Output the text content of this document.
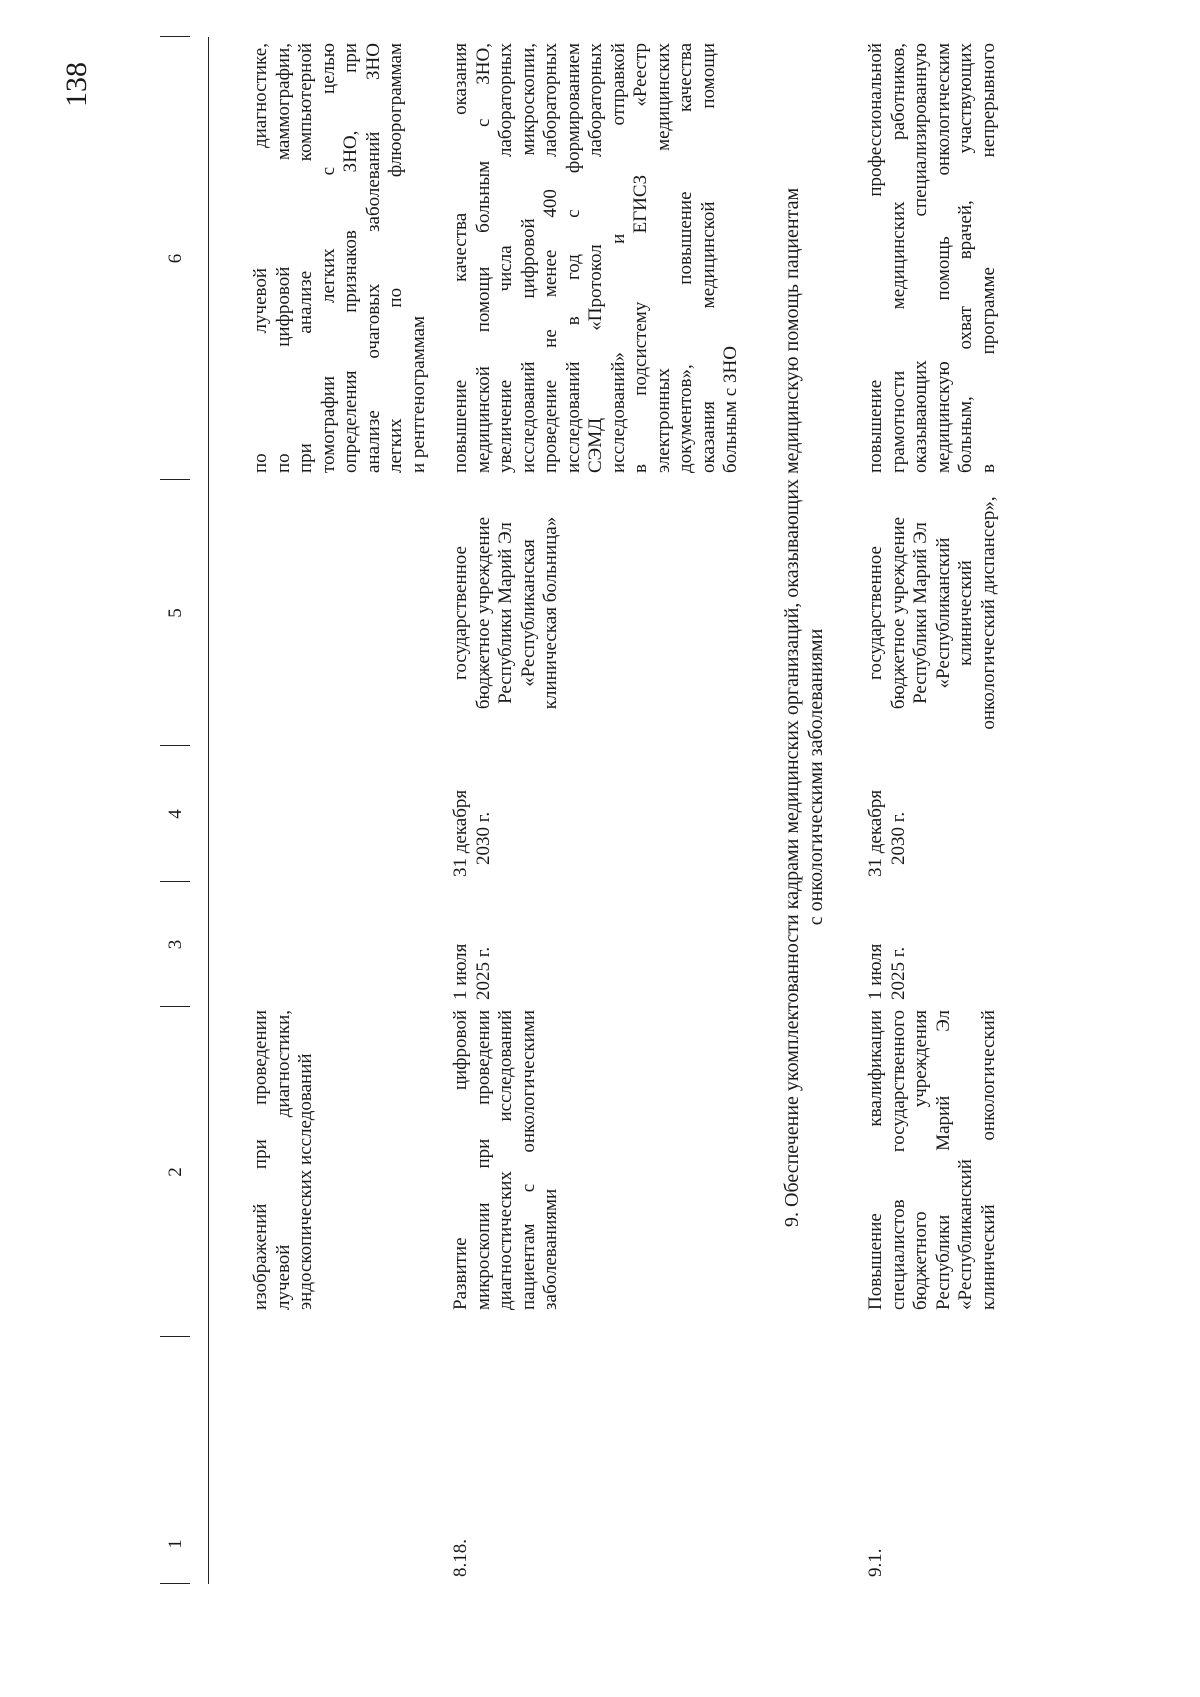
138
1
2
3
4
5
6
изображений при проведении лучевой диагностики, эндоскопических исследований
по лучевой диагностике, по цифровой маммографии, при анализе компьютерной томографии легких с целью определения признаков ЗНО, при анализе очаговых заболеваний ЗНО легких по флюорограммам и рентгенограммам
8.18.
Развитие цифровой микроскопии при проведении диагностических исследований пациентам с онкологическими заболеваниями
1 июля 2025 г.
31 декабря 2030 г.
государственное бюджетное учреждение Республики Марий Эл «Республиканская клиническая больница»
повышение качества оказания медицинской помощи больным с ЗНО, увеличение числа лабораторных исследований цифровой микроскопии, проведение не менее 400 лабораторных исследований в год с формированием СЭМД «Протокол лабораторных исследований» и отправкой в подсистему ЕГИСЗ «Реестр электронных медицинских документов», повышение качества оказания медицинской помощи больным с ЗНО 9. Обеспечение укомплектованности кадрами медицинских организаций, оказывающих медицинскую помощь пациентам с онкологическими заболеваниями
9.1.
Повышение квалификации специалистов государственного бюджетного учреждения Республики Марий Эл «Республиканский клинический онкологический
1 июля 2025 г.
31 декабря 2030 г.
государственное бюджетное учреждение Республики Марий Эл «Республиканский клинический онкологический диспансер»,
повышение профессиональной грамотности медицинских работников, оказывающих специализированную медицинскую помощь онкологическим больным, охват врачей, участвующих в программе непрерывного
